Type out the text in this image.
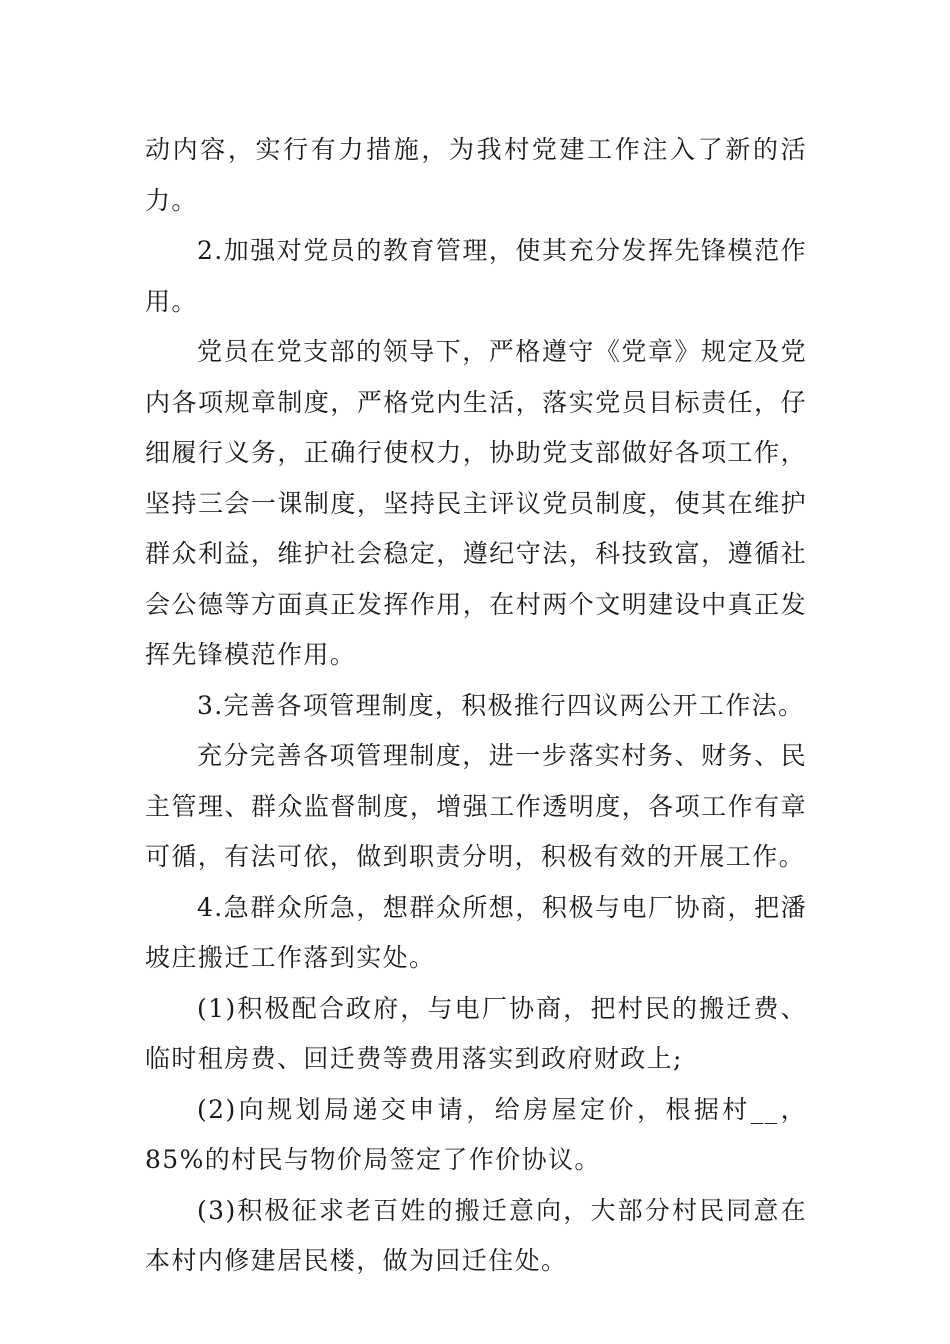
动内容，实行有力措施，为我村党建工作注入了新的活力。

2.加强对党员的教育管理，使其充分发挥先锋模范作用。

党员在党支部的领导下，严格遵守《党章》规定及党内各项规章制度，严格党内生活，落实党员目标责任，仔细履行义务，正确行使权力，协助党支部做好各项工作，坚持三会一课制度，坚持民主评议党员制度，使其在维护群众利益，维护社会稳定，遵纪守法，科技致富，遵循社会公德等方面真正发挥作用，在村两个文明建设中真正发挥先锋模范作用。

3.完善各项管理制度，积极推行四议两公开工作法。

充分完善各项管理制度，进一步落实村务、财务、民主管理、群众监督制度，增强工作透明度，各项工作有章可循，有法可依，做到职责分明，积极有效的开展工作。

4.急群众所急，想群众所想，积极与电厂协商，把潘坡庄搬迁工作落到实处。

(1)积极配合政府，与电厂协商，把村民的搬迁费、临时租房费、回迁费等费用落实到政府财政上;

(2)向规划局递交申请，给房屋定价，根据村__，85%的村民与物价局签定了作价协议。

(3)积极征求老百姓的搬迁意向，大部分村民同意在本村内修建居民楼，做为回迁住处。
